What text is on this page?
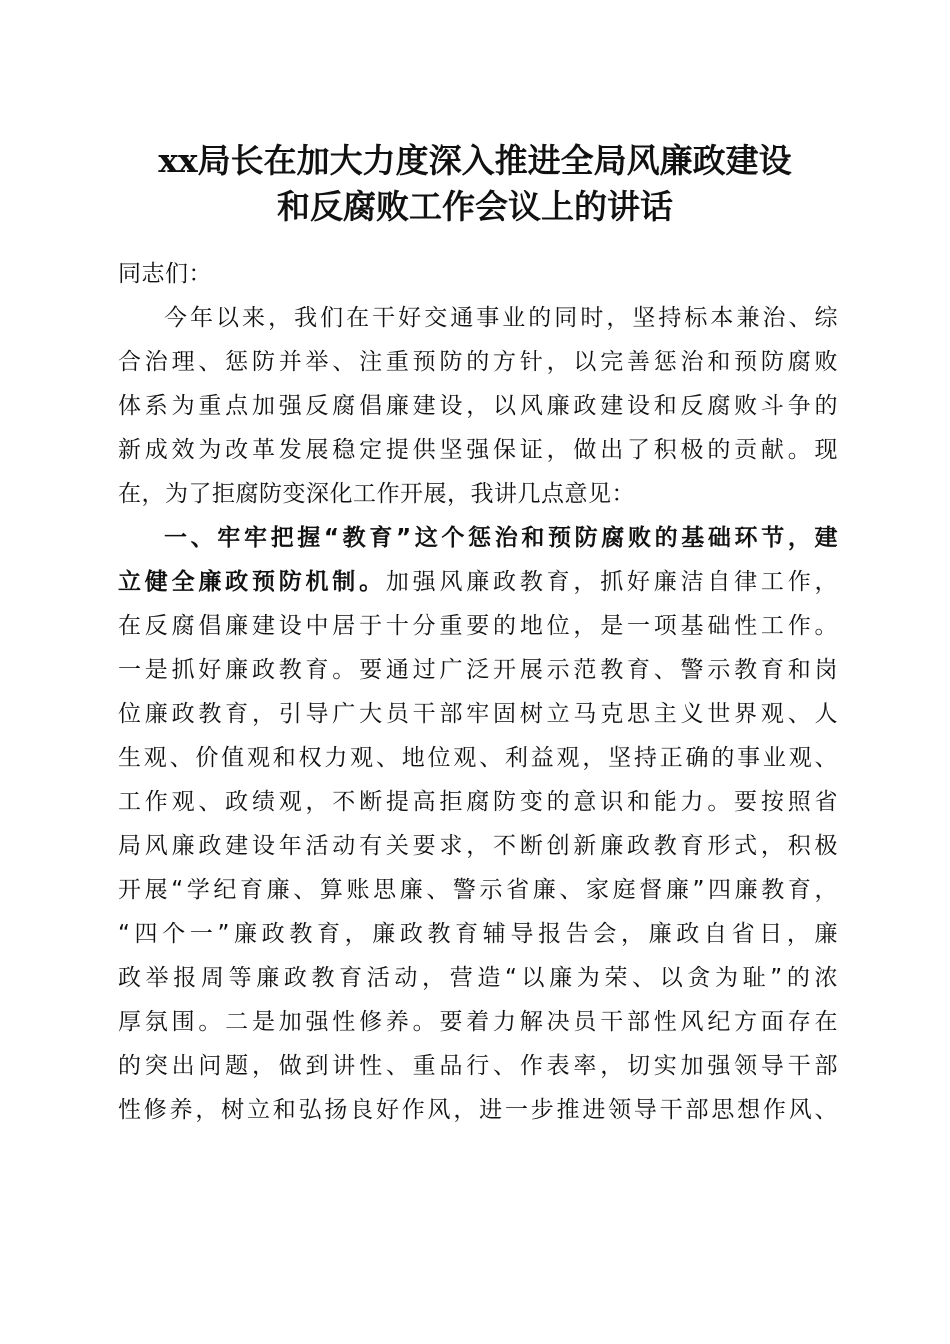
xx局长在加大力度深入推进全局风廉政建设
和反腐败工作会议上的讲话
同志们：
今年以来，我们在干好交通事业的同时，坚持标本兼治、综
合治理、惩防并举、注重预防的方针，以完善惩治和预防腐败
体系为重点加强反腐倡廉建设，以风廉政建设和反腐败斗争的
新成效为改革发展稳定提供坚强保证，做出了积极的贡献。现
在，为了拒腐防变深化工作开展，我讲几点意见：
一、牢牢把握“教育”这个惩治和预防腐败的基础环节，建
立健全廉政预防机制。加强风廉政教育，抓好廉洁自律工作，
在反腐倡廉建设中居于十分重要的地位，是一项基础性工作。
一是抓好廉政教育。要通过广泛开展示范教育、警示教育和岗
位廉政教育，引导广大员干部牢固树立马克思主义世界观、人
生观、价值观和权力观、地位观、利益观，坚持正确的事业观、
工作观、政绩观，不断提高拒腐防变的意识和能力。要按照省
局风廉政建设年活动有关要求，不断创新廉政教育形式，积极
开展“学纪育廉、算账思廉、警示省廉、家庭督廉”四廉教育，
“四个一”廉政教育，廉政教育辅导报告会，廉政自省日，廉
政举报周等廉政教育活动，营造“以廉为荣、以贪为耻”的浓
厚氛围。二是加强性修养。要着力解决员干部性风纪方面存在
的突出问题，做到讲性、重品行、作表率，切实加强领导干部
性修养，树立和弘扬良好作风，进一步推进领导干部思想作风、
